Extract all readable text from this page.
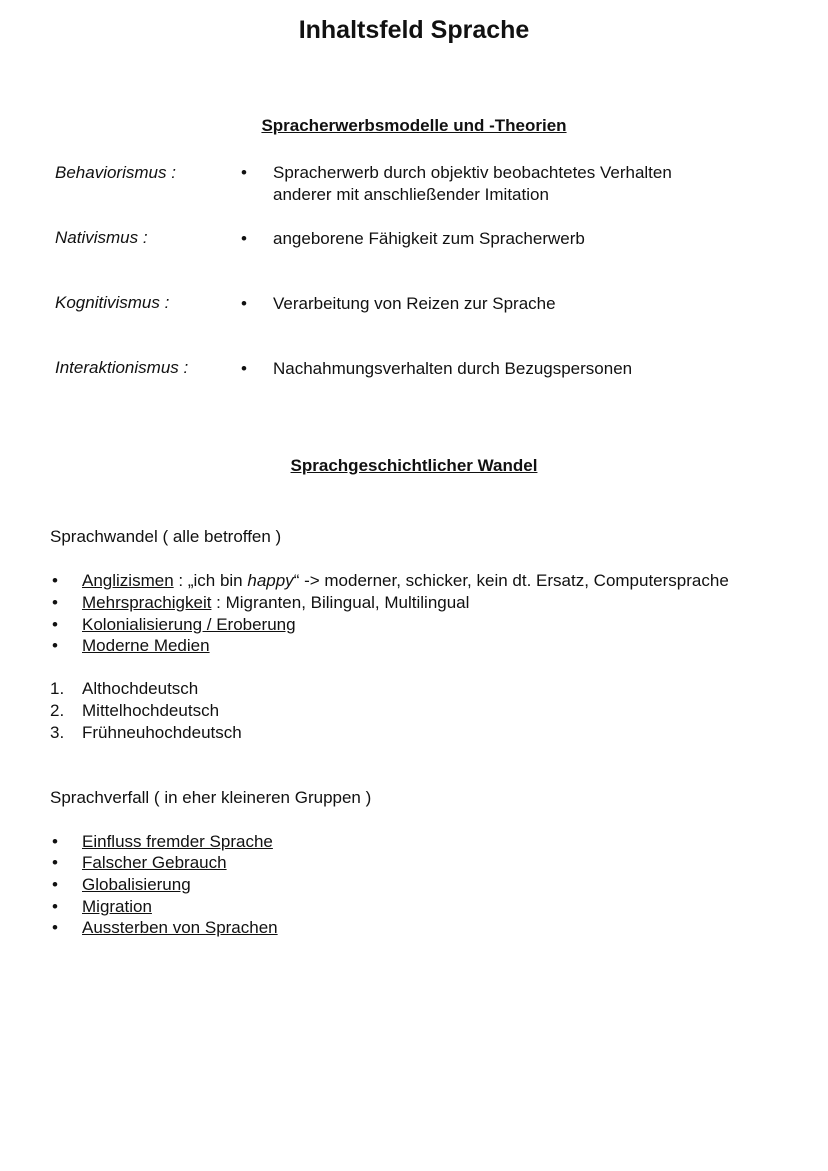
Inhaltsfeld Sprache
Spracherwerbsmodelle und -Theorien
Behaviorismus :	• Spracherwerb durch objektiv beobachtetes Verhalten
anderer mit anschließender Imitation
Nativismus :	• angeborene Fähigkeit zum Spracherwerb
Kognitivismus :	• Verarbeitung von Reizen zur Sprache
Interaktionismus :	• Nachahmungsverhalten durch Bezugspersonen
Sprachgeschichtlicher Wandel
Sprachwandel ( alle betroffen )
• Anglizismen : „ich bin happy“ -> moderner, schicker, kein dt. Ersatz, Computersprache
• Mehrsprachigkeit : Migranten, Bilingual, Multilingual
• Kolonialisierung / Eroberung
• Moderne Medien
1. Althochdeutsch
2. Mittelhochdeutsch
3. Frühneuhochdeutsch
Sprachverfall ( in eher kleineren Gruppen )
• Einfluss fremder Sprache
• Falscher Gebrauch
• Globalisierung
• Migration
• Aussterben von Sprachen
